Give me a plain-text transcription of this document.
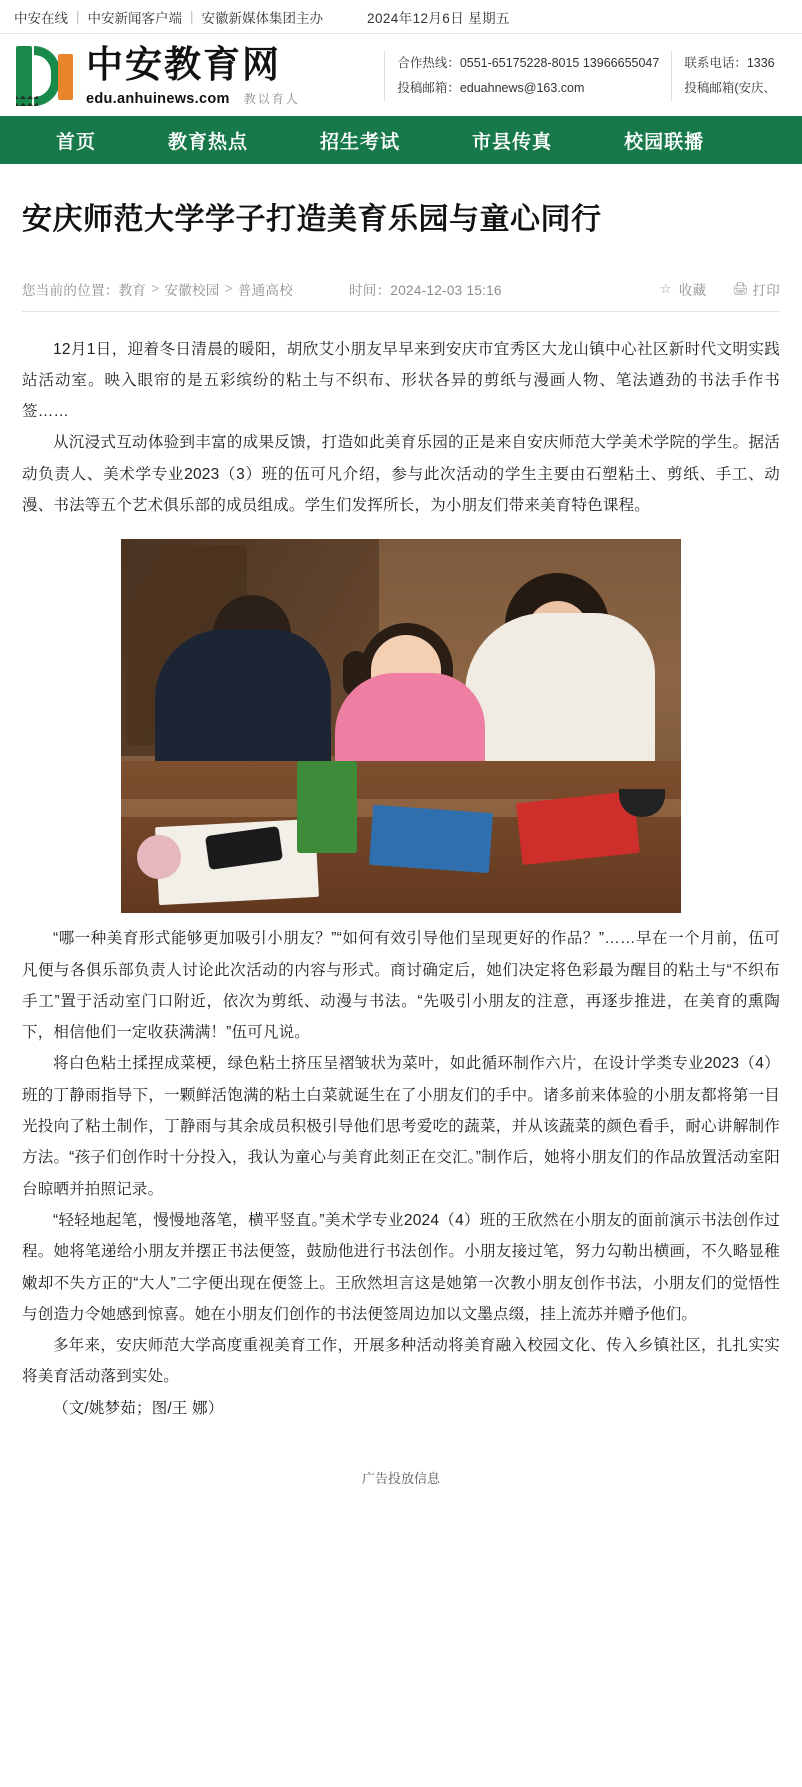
中安在线 | 中安新闻客户端 | 安徽新媒体集团主办	2024年12月6日 星期五
中安教育网
edu.anhuinews.com 教以育人
合作热线：0551-65175228-8015 13966655047
投稿邮箱：eduahnews@163.com
联系电话：1336
投稿邮箱(安庆、
首页	教育热点	招生考试	市县传真	校园联播
安庆师范大学学子打造美育乐园与童心同行
您当前的位置： 教育 > 安徽校园 > 普通高校	时间：2024-12-03 15:16	☆ 收藏 🖨 打印

12月1日，迎着冬日清晨的暖阳，胡欣艾小朋友早早来到安庆市宜秀区大龙山镇中心社区新时代文明实践站活动室。映入眼帘的是五彩缤纷的粘土与不织布、形状各异的剪纸与漫画人物、笔法遒劲的书法手作书签……

从沉浸式互动体验到丰富的成果反馈，打造如此美育乐园的正是来自安庆师范大学美术学院的学生。据活动负责人、美术学专业2023（3）班的伍可凡介绍，参与此次活动的学生主要由石塑粘土、剪纸、手工、动漫、书法等五个艺术俱乐部的成员组成。学生们发挥所长，为小朋友们带来美育特色课程。

“哪一种美育形式能够更加吸引小朋友？”“如何有效引导他们呈现更好的作品？”……早在一个月前，伍可凡便与各俱乐部负责人讨论此次活动的内容与形式。商讨确定后，她们决定将色彩最为醒目的粘土与“不织布手工”置于活动室门口附近，依次为剪纸、动漫与书法。“先吸引小朋友的注意，再逐步推进，在美育的熏陶下，相信他们一定收获满满！”伍可凡说。

将白色粘土揉捏成菜梗，绿色粘土挤压呈褶皱状为菜叶，如此循环制作六片，在设计学类专业2023（4）班的丁静雨指导下，一颗鲜活饱满的粘土白菜就诞生在了小朋友们的手中。诸多前来体验的小朋友都将第一目光投向了粘土制作，丁静雨与其余成员积极引导他们思考爱吃的蔬菜，并从该蔬菜的颜色看手，耐心讲解制作方法。“孩子们创作时十分投入，我认为童心与美育此刻正在交汇。”制作后，她将小朋友们的作品放置活动室阳台晾晒并拍照记录。

“轻轻地起笔，慢慢地落笔，横平竖直。”美术学专业2024（4）班的王欣然在小朋友的面前演示书法创作过程。她将笔递给小朋友并摆正书法便签，鼓励他进行书法创作。小朋友接过笔，努力勾勒出横画，不久略显稚嫩却不失方正的“大人”二字便出现在便签上。王欣然坦言这是她第一次教小朋友创作书法，小朋友们的觉悟性与创造力令她感到惊喜。她在小朋友们创作的书法便签周边加以文墨点缀，挂上流苏并赠予他们。

多年来，安庆师范大学高度重视美育工作，开展多种活动将美育融入校园文化、传入乡镇社区，扎扎实实将美育活动落到实处。

（文/姚梦茹；图/王 娜）

广告投放信息
